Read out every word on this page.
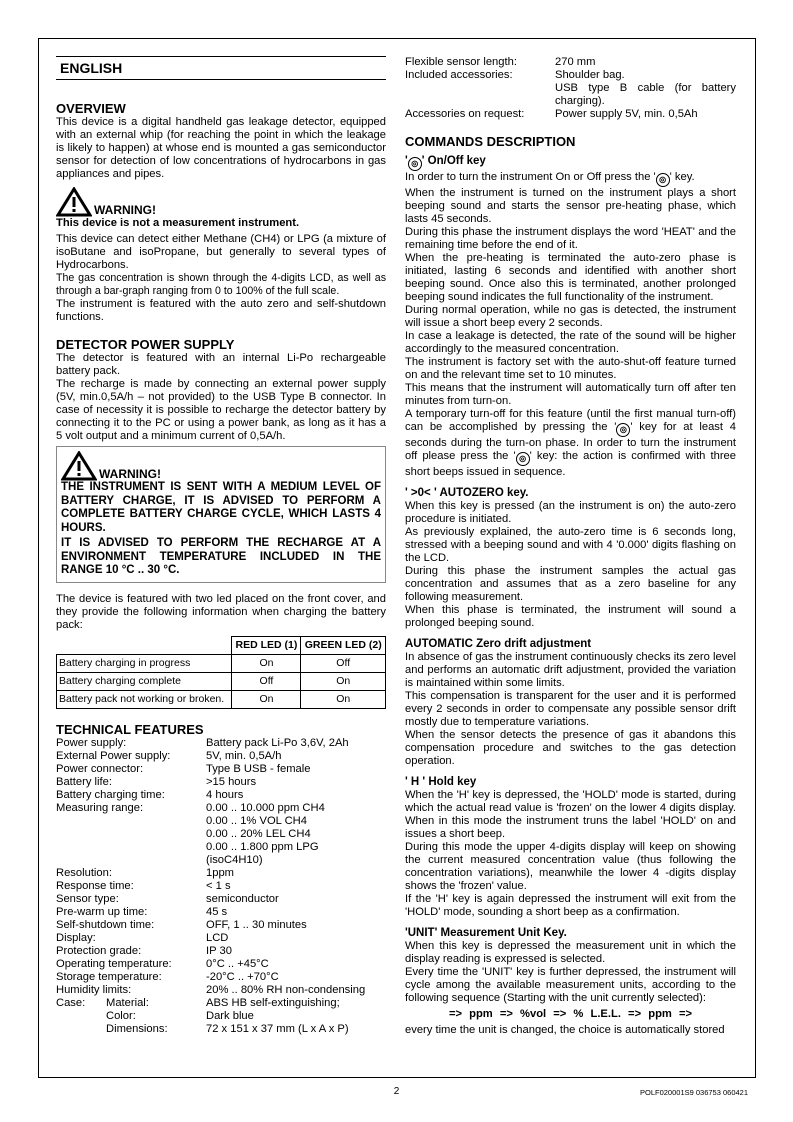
ENGLISH
OVERVIEW

This device is a digital handheld gas leakage detector, equipped with an external whip (for reaching the point in which the leakage is likely to happen) at whose end is mounted a gas semiconductor sensor for detection of low concentrations of hydrocarbons in gas appliances and pipes.

WARNING!

This device is not a measurement instrument.

This device can detect either Methane (CH4) or LPG (a mixture of isoButane and isoPropane, but generally to several types of Hydrocarbons.

The gas concentration is shown through the 4-digits LCD, as well as through a bar-graph ranging from 0 to 100% of the full scale.

The instrument is featured with the auto zero and self-shutdown functions.

DETECTOR POWER SUPPLY

The detector is featured with an internal Li-Po rechargeable battery pack.

The recharge is made by connecting an external power supply (5V, min.0,5A/h – not provided) to the USB Type B connector. In case of necessity it is possible to recharge the detector battery by connecting it to the PC or using a power bank, as long as it has a 5 volt output and a minimum current of 0,5A/h.

WARNING!

THE INSTRUMENT IS SENT WITH A MEDIUM LEVEL OF BATTERY CHARGE, IT IS ADVISED TO PERFORM A COMPLETE BATTERY CHARGE CYCLE, WHICH LASTS 4 HOURS.

IT IS ADVISED TO PERFORM THE RECHARGE AT A ENVIRONMENT TEMPERATURE INCLUDED IN THE RANGE 10 °C .. 30 °C.

The device is featured with two led placed on the front cover, and they provide the following information when charging the battery pack:

	RED LED (1)	GREEN LED (2)
Battery charging in progress	On	Off
Battery charging complete	Off	On
Battery pack not working or broken.	On	On
TECHNICAL FEATURES
Power supply:	Battery pack Li-Po 3,6V, 2Ah
External Power supply:	5V, min. 0,5A/h
Power connector:	Type B USB - female
Battery life:	>15 hours
Battery charging time:	4 hours
Measuring range:	0.00 .. 10.000 ppm CH4
0.00 .. 1% VOL CH4
0.00 .. 20% LEL CH4
0.00 .. 1.800 ppm LPG
(isoC4H10)
Resolution:	1ppm
Response time:	< 1 s
Sensor type:	semiconductor
Pre-warm up time:	45 s
Self-shutdown time:	OFF, 1 .. 30 minutes
Display:	LCD
Protection grade:	IP 30
Operating temperature:	0°C .. +45°C
Storage temperature:	-20°C .. +70°C
Humidity limits:	20% .. 80% RH non-condensing
Case:	Material:	ABS HB self-extinguishing;
Color:	Dark blue
Dimensions:	72 x 151 x 37 mm (L x A x P)
Flexible sensor length:	270 mm
Included accessories:	Shoulder bag.
USB type B cable (for battery charging).
Accessories on request:	Power supply 5V, min. 0,5Ah
COMMANDS DESCRIPTION
' ◎ ' On/Off key

In order to turn the instrument On or Off press the ' ◎ ' key.

When the instrument is turned on the instrument plays a short beeping sound and starts the sensor pre-heating phase, which lasts 45 seconds.

During this phase the instrument displays the word 'HEAT' and the remaining time before the end of it.

When the pre-heating is terminated the auto-zero phase is initiated, lasting 6 seconds and identified with another short beeping sound. Once also this is terminated, another prolonged beeping sound indicates the full functionality of the instrument.

During normal operation, while no gas is detected, the instrument will issue a short beep every 2 seconds.

In case a leakage is detected, the rate of the sound will be higher accordingly to the measured concentration.

The instrument is factory set with the auto-shut-off feature turned on and the relevant time set to 10 minutes.

This means that the instrument will automatically turn off after ten minutes from turn-on.

A temporary turn-off for this feature (until the first manual turn-off) can be accomplished by pressing the ' ◎ ' key for at least 4 seconds during the turn-on phase. In order to turn the instrument off please press the ' ◎ ' key: the action is confirmed with three short beeps issued in sequence.

' >0< ' AUTOZERO key.

When this key is pressed (an the instrument is on) the auto-zero procedure is initiated.

As previously explained, the auto-zero time is 6 seconds long, stressed with a beeping sound and with 4 '0.000' digits flashing on the LCD.

During this phase the instrument samples the actual gas concentration and assumes that as a zero baseline for any following measurement.

When this phase is terminated, the instrument will sound a prolonged beeping sound.

AUTOMATIC Zero drift adjustment

In absence of gas the instrument continuously checks its zero level and performs an automatic drift adjustment, provided the variation is maintained within some limits.

This compensation is transparent for the user and it is performed every 2 seconds in order to compensate any possible sensor drift mostly due to temperature variations.

When the sensor detects the presence of gas it abandons this compensation procedure and switches to the gas detection operation.

' H ' Hold key

When the 'H' key is depressed, the 'HOLD' mode is started, during which the actual read value is 'frozen' on the lower 4 digits display. When in this mode the instrument truns the label 'HOLD' on and issues a short beep.

During this mode the upper 4-digits display will keep on showing the current measured concentration value (thus following the concentration variations), meanwhile the lower 4 -digits display shows the 'frozen' value.

If the 'H' key is again depressed the instrument will exit from the 'HOLD' mode, sounding a short beep as a confirmation.

'UNIT' Measurement Unit Key.

When this key is depressed the measurement unit in which the display reading is expressed is selected.

Every time the 'UNIT' key is further depressed, the instrument will cycle among the available measurement units, according to the following sequence (Starting with the unit currently selected):

=> ppm => %vol => % L.E.L. => ppm =>

every time the unit is changed, the choice is automatically stored

2	POLF020001S9 036753 060421
